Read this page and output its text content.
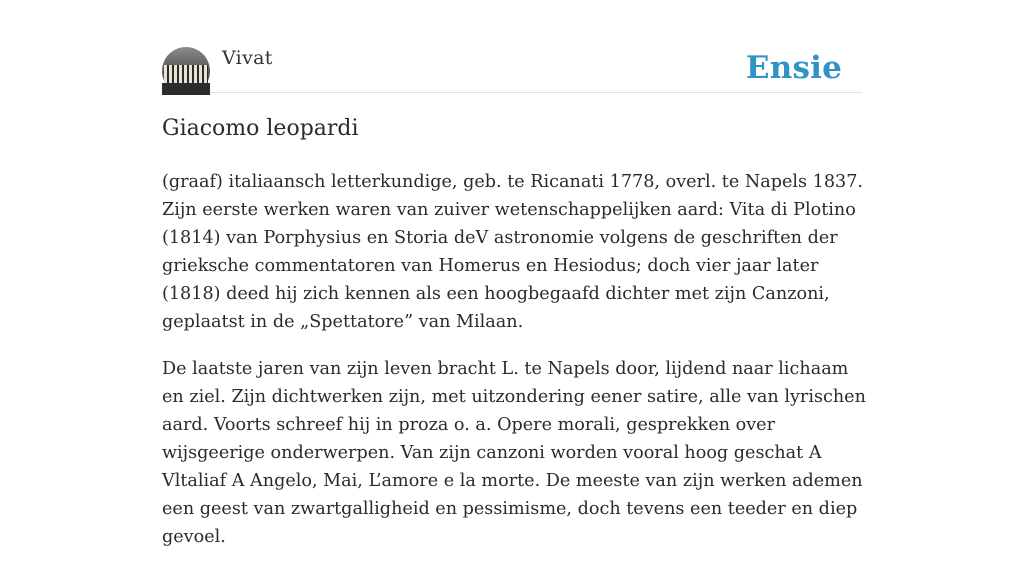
Vivat	Ensie
Giacomo leopardi

(graaf) italiaansch letterkundige, geb. te Ricanati 1778, overl. te Napels 1837. Zijn eerste werken waren van zuiver wetenschappelijken aard: Vita di Plotino (1814) van Porphysius en Storia deV astronomie volgens de geschriften der grieksche commentatoren van Homerus en Hesiodus; doch vier jaar later (1818) deed hij zich kennen als een hoogbegaafd dichter met zijn Canzoni, geplaatst in de „Spettatore” van Milaan.

De laatste jaren van zijn leven bracht L. te Napels door, lijdend naar lichaam en ziel. Zijn dichtwerken zijn, met uitzondering eener satire, alle van lyrischen aard. Voorts schreef hij in proza o. a. Opere morali, gesprekken over wijsgeerige onderwerpen. Van zijn canzoni worden vooral hoog geschat A Vltaliaf A Angelo, Mai, L’amore e la morte. De meeste van zijn werken ademen een geest van zwartgalligheid en pessimisme, doch tevens een teeder en diep gevoel.
